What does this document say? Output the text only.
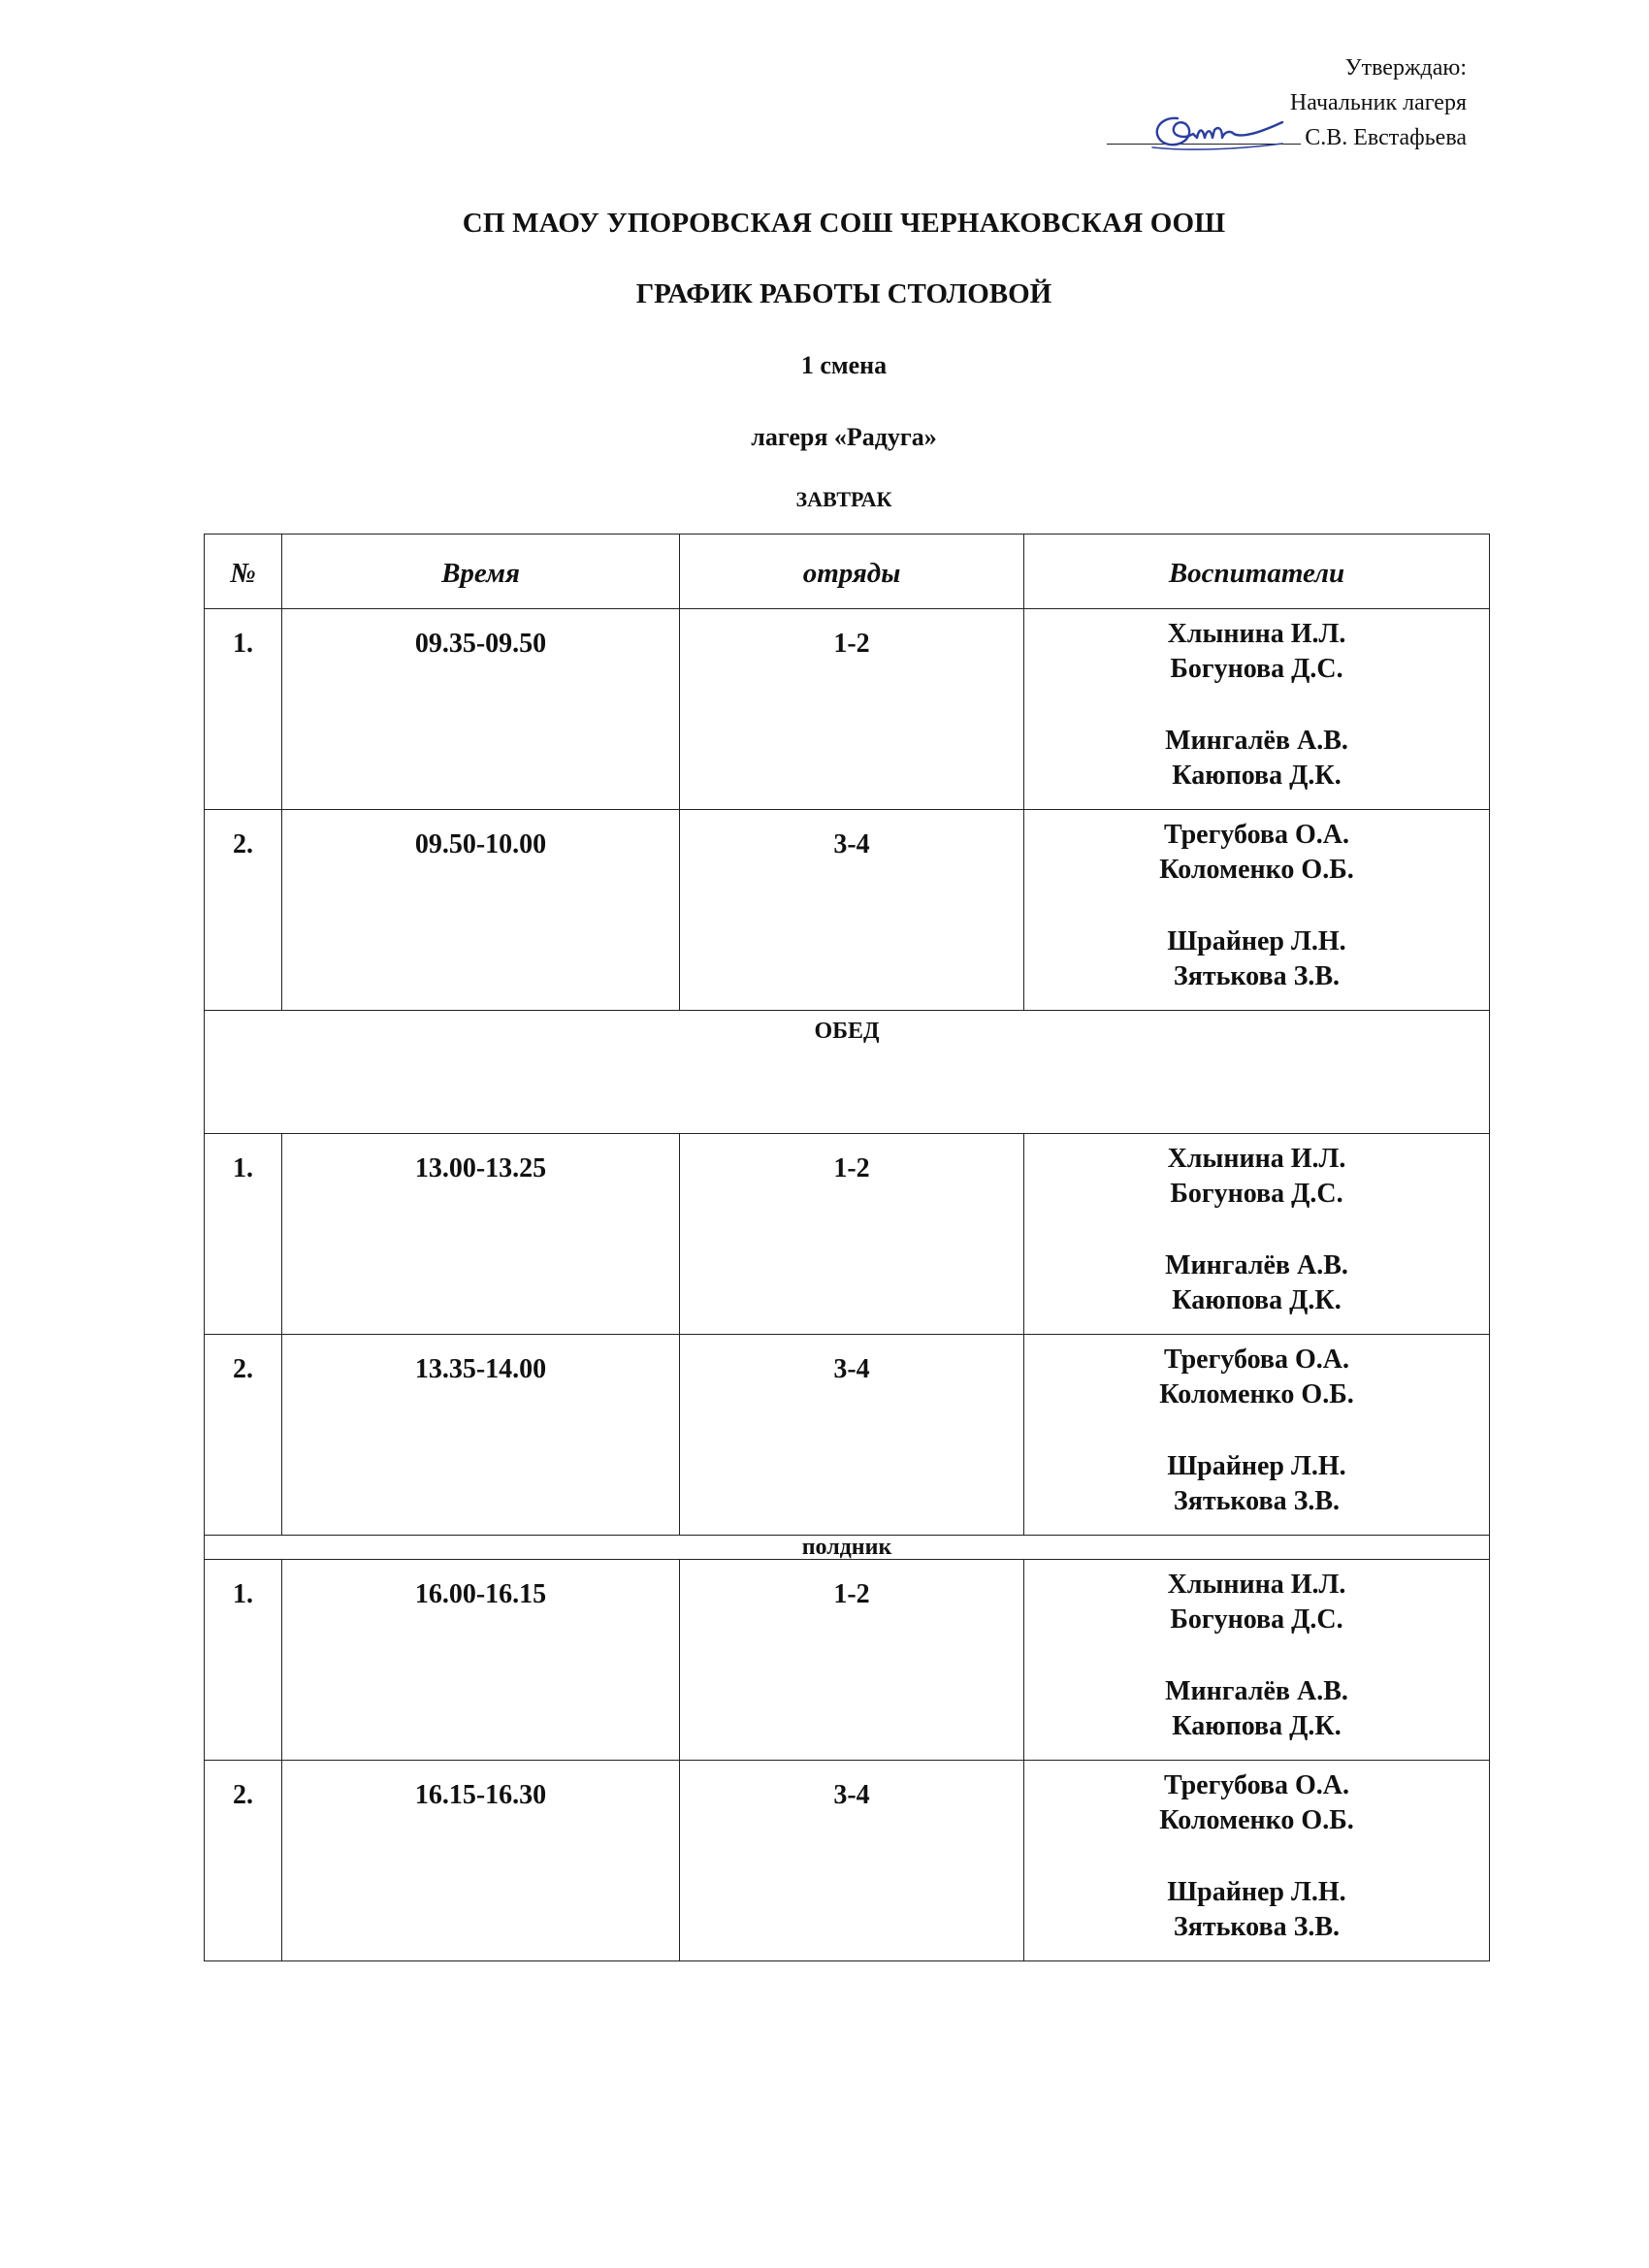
Утверждаю:
Начальник лагеря
С.В. Евстафьева
СП МАОУ УПОРОВСКАЯ СОШ ЧЕРНАКОВСКАЯ ООШ
ГРАФИК РАБОТЫ СТОЛОВОЙ
1 смена
лагеря «Радуга»
ЗАВТРАК
№	Время	отряды	Воспитатели
1.	09.35-09.50	1-2	Хлынина И.Л.
Богунова Д.С.
Мингалёв А.В.
Каюпова Д.К.

2.	09.50-10.00	3-4	Трегубова О.А.
Коломенко О.Б.
Шрайнер Л.Н.
Зятькова З.В.

ОБЕД			
1.	13.00-13.25	1-2	Хлынина И.Л.
Богунова Д.С.
Мингалёв А.В.
Каюпова Д.К.

2.	13.35-14.00	3-4	Трегубова О.А.
Коломенко О.Б.
Шрайнер Л.Н.
Зятькова З.В.

полдник			
1.	16.00-16.15	1-2	Хлынина И.Л.
Богунова Д.С.
Мингалёв А.В.
Каюпова Д.К.

2.	16.15-16.30	3-4	Трегубова О.А.
Коломенко О.Б.
Шрайнер Л.Н.
Зятькова З.В.
